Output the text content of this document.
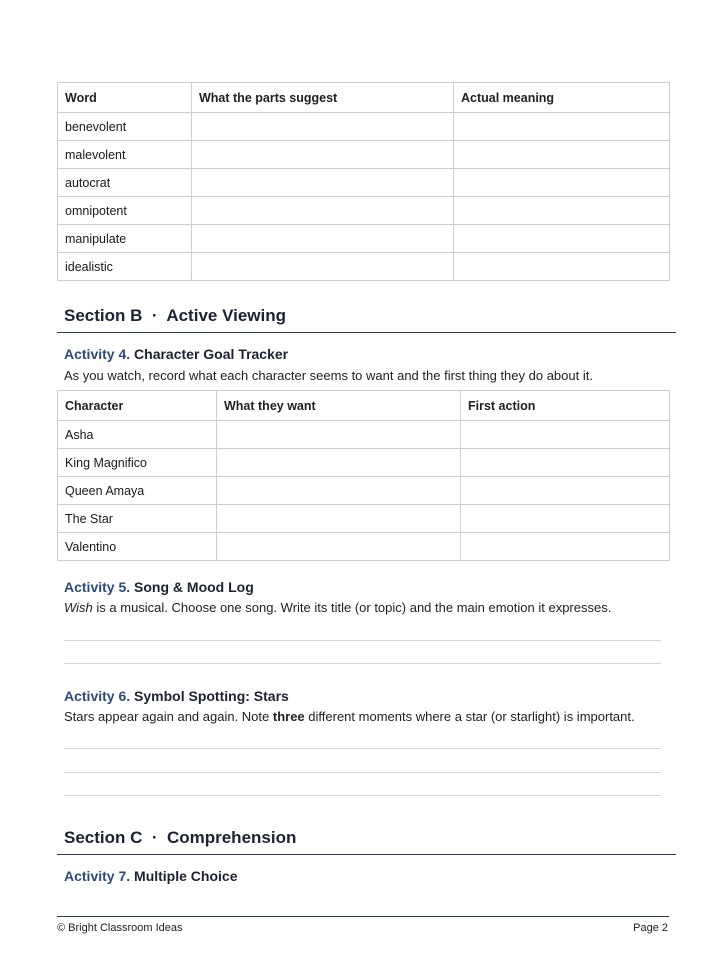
Word	What the parts suggest	Actual meaning
benevolent		
malevolent		
autocrat		
omnipotent		
manipulate		
idealistic		
Section B  ·  Active Viewing
Activity 4. Character Goal Tracker
As you watch, record what each character seems to want and the first thing they do about it.
Character	What they want	First action
Asha		
King Magnifico		
Queen Amaya		
The Star		
Valentino		
Activity 5. Song & Mood Log
Wish is a musical. Choose one song. Write its title (or topic) and the main emotion it expresses.
Activity 6. Symbol Spotting: Stars
Stars appear again and again. Note three different moments where a star (or starlight) is important.
Section C  ·  Comprehension
Activity 7. Multiple Choice
© Bright Classroom Ideas	Page 2
